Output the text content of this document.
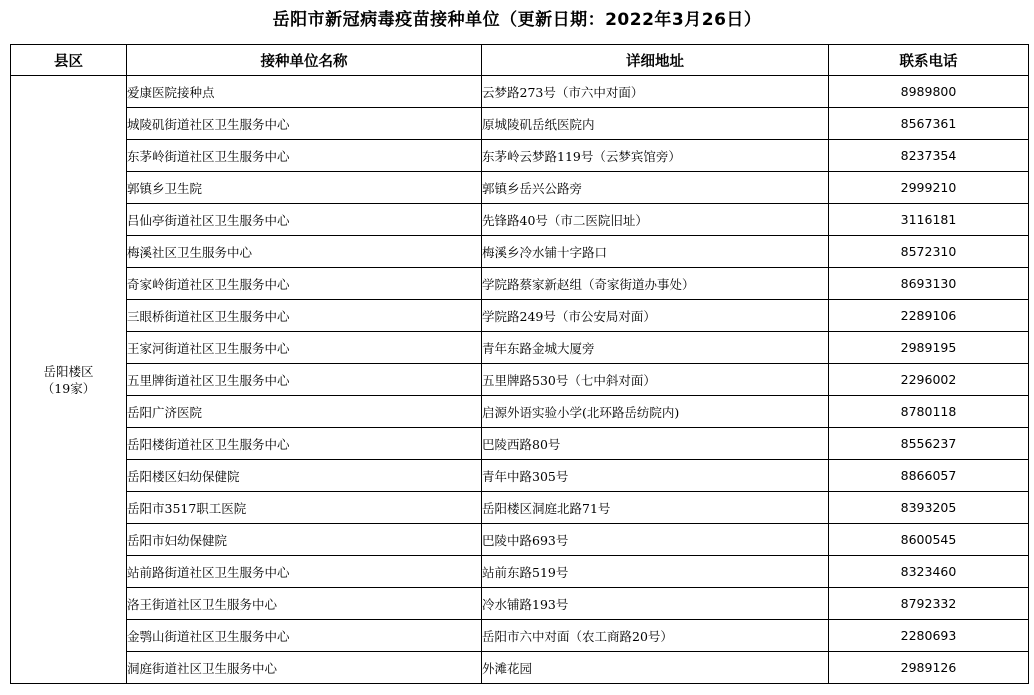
岳阳市新冠病毒疫苗接种单位（更新日期：2022年3月26日）
县区	接种单位名称	详细地址	联系电话

岳阳楼区
（19家）	爱康医院接种点	云梦路273号（市六中对面）	8989800
	城陵矶街道社区卫生服务中心	原城陵矶岳纸医院内	8567361
	东茅岭街道社区卫生服务中心	东茅岭云梦路119号（云梦宾馆旁）	8237354
	郭镇乡卫生院	郭镇乡岳兴公路旁	2999210
	吕仙亭街道社区卫生服务中心	先锋路40号（市二医院旧址）	3116181
	梅溪社区卫生服务中心	梅溪乡冷水铺十字路口	8572310
	奇家岭街道社区卫生服务中心	学院路蔡家新赵组（奇家街道办事处）	8693130
	三眼桥街道社区卫生服务中心	学院路249号（市公安局对面）	2289106
	王家河街道社区卫生服务中心	青年东路金城大厦旁	2989195
	五里牌街道社区卫生服务中心	五里牌路530号（七中斜对面）	2296002
	岳阳广济医院	启源外语实验小学(北环路岳纺院内)	8780118
	岳阳楼街道社区卫生服务中心	巴陵西路80号	8556237
	岳阳楼区妇幼保健院	青年中路305号	8866057
	岳阳市3517职工医院	岳阳楼区洞庭北路71号	8393205
	岳阳市妇幼保健院	巴陵中路693号	8600545
	站前路街道社区卫生服务中心	站前东路519号	8323460
	洛王街道社区卫生服务中心	冷水铺路193号	8792332
	金鹗山街道社区卫生服务中心	岳阳市六中对面（农工商路20号）	2280693
	洞庭街道社区卫生服务中心	外滩花园	2989126
